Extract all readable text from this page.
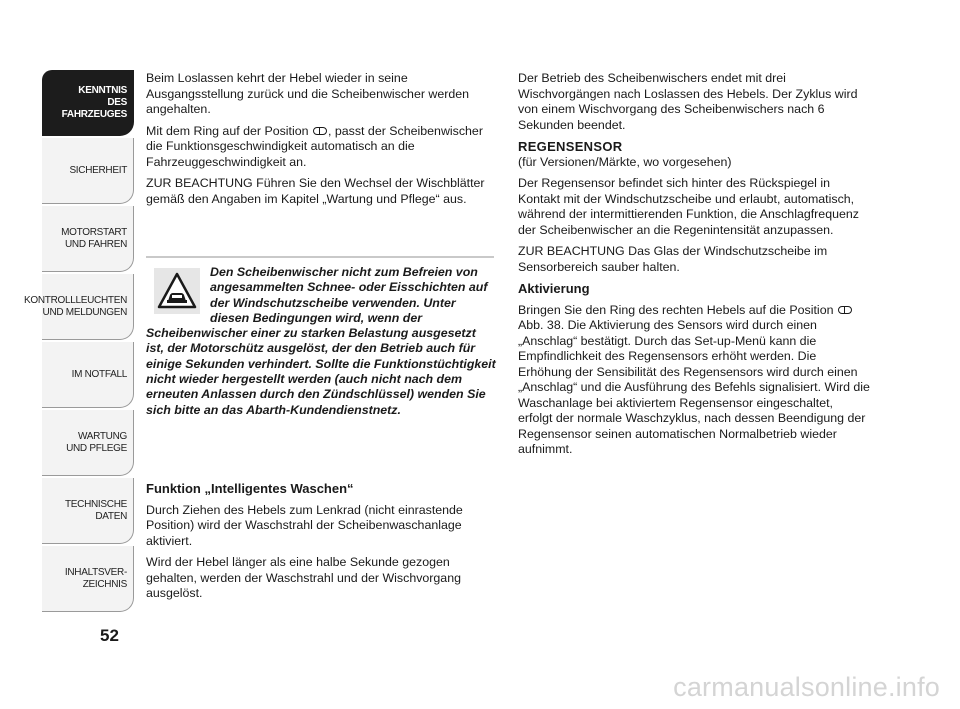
KENNTNIS
DES FAHRZEUGES
SICHERHEIT
MOTORSTART
UND FAHREN
KONTROLLLEUCHTEN
UND MELDUNGEN
IM NOTFALL
WARTUNG
UND PFLEGE
TECHNISCHE
DATEN
INHALTSVER-
ZEICHNIS
52

Beim Loslassen kehrt der Hebel wieder in seine Ausgangsstellung zurück und die Scheibenwischer werden angehalten.

Mit dem Ring auf der Position , passt der Scheibenwischer die Funktionsgeschwindigkeit automatisch an die Fahrzeuggeschwindigkeit an.

ZUR BEACHTUNG Führen Sie den Wechsel der Wischblätter gemäß den Angaben im Kapitel „Wartung und Pflege“ aus.

Den Scheibenwischer nicht zum Befreien von angesammelten Schnee- oder Eisschichten auf der Windschutzscheibe verwenden. Unter diesen Bedingungen wird, wenn der Scheibenwischer einer zu starken Belastung ausgesetzt ist, der Motorschütz ausgelöst, der den Betrieb auch für einige Sekunden verhindert. Sollte die Funktionstüchtigkeit nicht wieder hergestellt werden (auch nicht nach dem erneuten Anlassen durch den Zündschlüssel) wenden Sie sich bitte an das Abarth-Kundendienstnetz.

Funktion „Intelligentes Waschen“

Durch Ziehen des Hebels zum Lenkrad (nicht einrastende Position) wird der Waschstrahl der Scheibenwaschanlage aktiviert.

Wird der Hebel länger als eine halbe Sekunde gezogen gehalten, werden der Waschstrahl und der Wischvorgang ausgelöst.

Der Betrieb des Scheibenwischers endet mit drei Wischvorgängen nach Loslassen des Hebels. Der Zyklus wird von einem Wischvorgang des Scheibenwischers nach 6 Sekunden beendet.

REGENSENSOR

(für Versionen/Märkte, wo vorgesehen)

Der Regensensor befindet sich hinter des Rückspiegel in Kontakt mit der Windschutzscheibe und erlaubt, automatisch, während der intermittierenden Funktion, die Anschlagfrequenz der Scheibenwischer an die Regenintensität anzupassen.

ZUR BEACHTUNG Das Glas der Windschutzscheibe im Sensorbereich sauber halten.

Aktivierung

Bringen Sie den Ring des rechten Hebels auf die Position  Abb. 38. Die Aktivierung des Sensors wird durch einen „Anschlag“ bestätigt. Durch das Set-up-Menü kann die Empfindlichkeit des Regensensors erhöht werden. Die Erhöhung der Sensibilität des Regensensors wird durch einen „Anschlag“ und die Ausführung des Befehls signalisiert. Wird die Waschanlage bei aktiviertem Regensensor eingeschaltet, erfolgt der normale Waschzyklus, nach dessen Beendigung der Regensensor seinen automatischen Normalbetrieb wieder aufnimmt.

carmanualsonline.info
